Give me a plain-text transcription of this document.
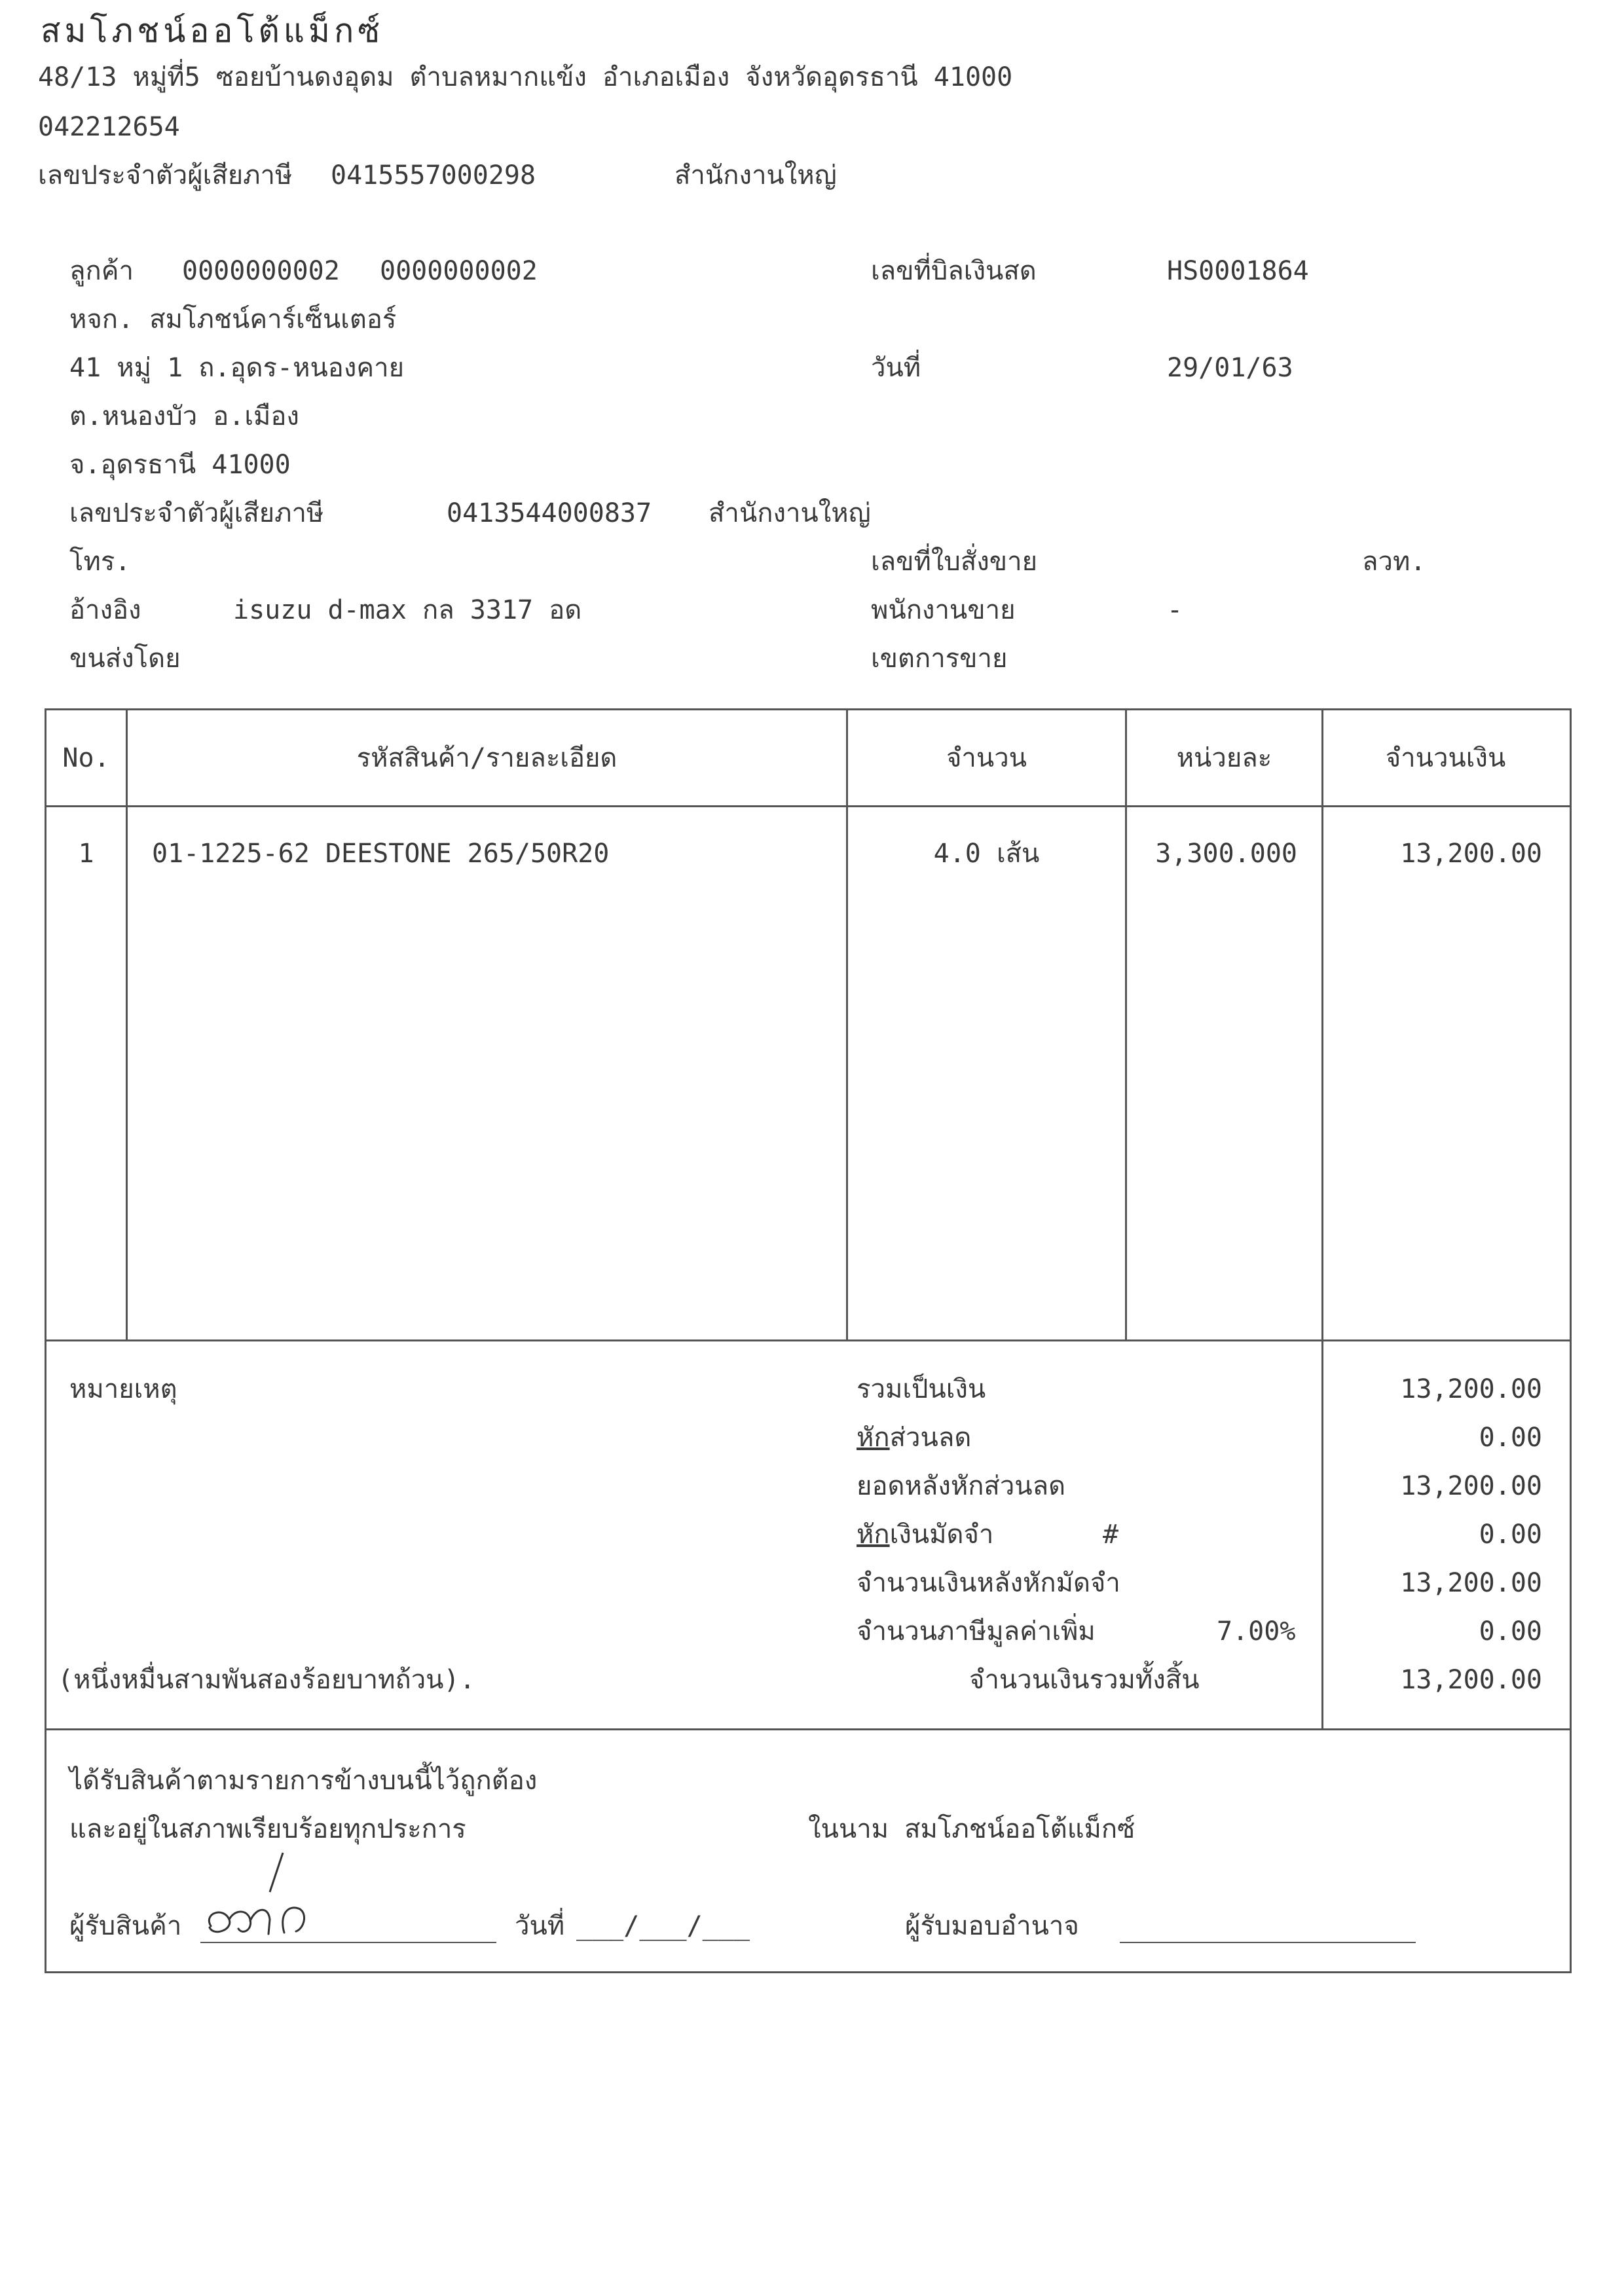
สมโภชน์ออโต้แม็กซ์
48/13 หมู่ที่5 ซอยบ้านดงอุดม ตำบลหมากแข้ง อำเภอเมือง จังหวัดอุดรธานี 41000
042212654
เลขประจำตัวผู้เสียภาษี 0415557000298	สำนักงานใหญ่
ลูกค้า 0000000002 0000000002
หจก. สมโภชน์คาร์เซ็นเตอร์
41 หมู่ 1 ถ.อุดร-หนองคาย
ต.หนองบัว อ.เมือง
จ.อุดรธานี 41000
เลขประจำตัวผู้เสียภาษี	0413544000837 สำนักงานใหญ่
โทร.
อ้างอิง	isuzu d-max กล 3317 อด
ขนส่งโดย
เลขที่บิลเงินสด	HS0001864
วันที่	29/01/63
เลขที่ใบสั่งขาย	ลวท.
พนักงานขาย	-
เขตการขาย
No.	รหัสสินค้า/รายละเอียด	จำนวน	หน่วยละ	จำนวนเงิน
1	01-1225-62 DEESTONE 265/50R20	4.0 เส้น	3,300.000	13,200.00
หมายเหตุ	รวมเป็นเงิน	13,200.00
หักส่วนลด	0.00
ยอดหลังหักส่วนลด	13,200.00
หักเงินมัดจำ	#	0.00
จำนวนเงินหลังหักมัดจำ	13,200.00
จำนวนภาษีมูลค่าเพิ่ม	7.00%	0.00
(หนึ่งหมื่นสามพันสองร้อยบาทถ้วน).	จำนวนเงินรวมทั้งสิ้น	13,200.00
ได้รับสินค้าตามรายการข้างบนนี้ไว้ถูกต้อง
และอยู่ในสภาพเรียบร้อยทุกประการ	ในนาม สมโภชน์ออโต้แม็กซ์
ผู้รับสินค้า	วันที่ ___/___/___	ผู้รับมอบอำนาจ
